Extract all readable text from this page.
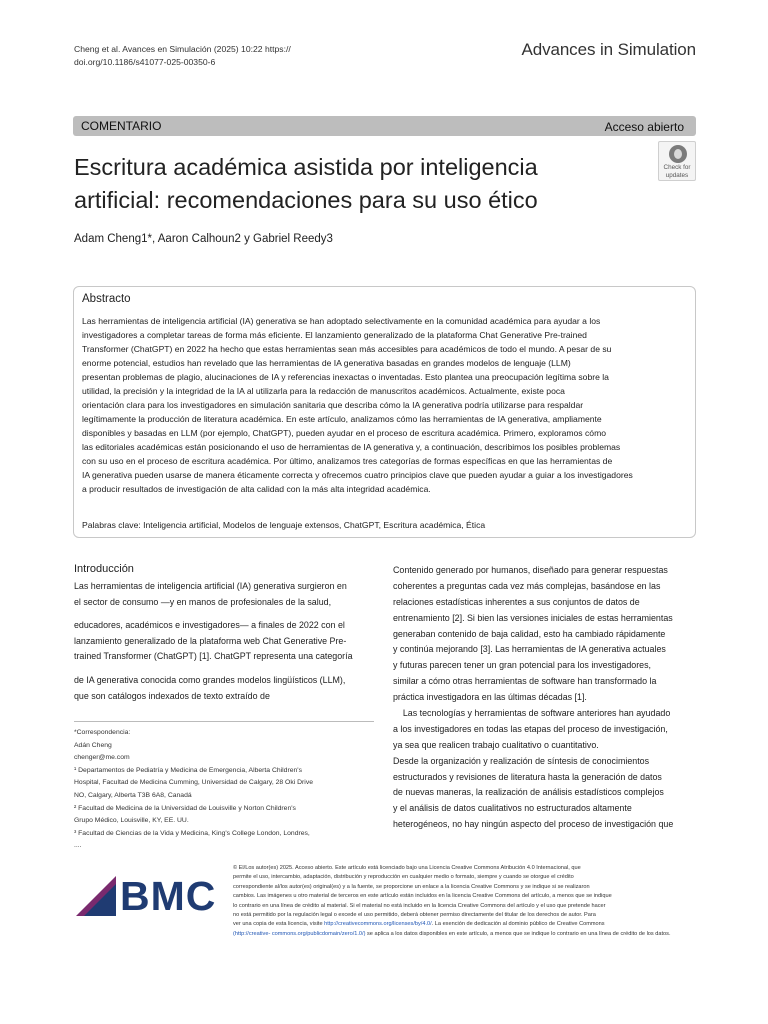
Cheng et al. Avances en Simulación (2025) 10:22 https://
doi.org/10.1186/s41077-025-00350-6
Advances in Simulation
COMENTARIO	Acceso abierto
Escritura académica asistida por inteligencia
artificial: recomendaciones para su uso ético
Check for
updates
Adam Cheng1*, Aaron Calhoun2 y Gabriel Reedy3
Abstracto
Las herramientas de inteligencia artificial (IA) generativa se han adoptado selectivamente en la comunidad académica para ayudar a los
investigadores a completar tareas de forma más eficiente. El lanzamiento generalizado de la plataforma Chat Generative Pre-trained
Transformer (ChatGPT) en 2022 ha hecho que estas herramientas sean más accesibles para académicos de todo el mundo. A pesar de su
enorme potencial, estudios han revelado que las herramientas de IA generativa basadas en grandes modelos de lenguaje (LLM)
presentan problemas de plagio, alucinaciones de IA y referencias inexactas o inventadas. Esto plantea una preocupación legítima sobre la
utilidad, la precisión y la integridad de la IA al utilizarla para la redacción de manuscritos académicos. Actualmente, existe poca
orientación clara para los investigadores en simulación sanitaria que describa cómo la IA generativa podría utilizarse para respaldar
legítimamente la producción de literatura académica. En este artículo, analizamos cómo las herramientas de IA generativa, ampliamente
disponibles y basadas en LLM (por ejemplo, ChatGPT), pueden ayudar en el proceso de escritura académica. Primero, exploramos cómo
las editoriales académicas están posicionando el uso de herramientas de IA generativa y, a continuación, describimos los posibles problemas
con su uso en el proceso de escritura académica. Por último, analizamos tres categorías de formas específicas en que las herramientas de
IA generativa pueden usarse de manera éticamente correcta y ofrecemos cuatro principios clave que pueden ayudar a guiar a los investigadores
a producir resultados de investigación de alta calidad con la más alta integridad académica.
Palabras clave: Inteligencia artificial, Modelos de lenguaje extensos, ChatGPT, Escritura académica, Ética
Introducción
Las herramientas de inteligencia artificial (IA) generativa surgieron en
el sector de consumo —y en manos de profesionales de la salud,
educadores, académicos e investigadores— a finales de 2022 con el
lanzamiento generalizado de la plataforma web Chat Generative Pre-
trained Transformer (ChatGPT) [1]. ChatGPT representa una categoría
de IA generativa conocida como grandes modelos lingüísticos (LLM),
que son catálogos indexados de texto extraído de
*Correspondencia:
Adán Cheng
chenger@me.com
¹ Departamentos de Pediatría y Medicina de Emergencia, Alberta Children's
Hospital, Facultad de Medicina Cumming, Universidad de Calgary, 28 Oki Drive
NO, Calgary, Alberta T3B 6A8, Canadá
² Facultad de Medicina de la Universidad de Louisville y Norton Children's
Grupo Médico, Louisville, KY, EE. UU.
³ Facultad de Ciencias de la Vida y Medicina, King's College London, Londres,
....
Contenido generado por humanos, diseñado para generar respuestas
coherentes a preguntas cada vez más complejas, basándose en las
relaciones estadísticas inherentes a sus conjuntos de datos de
entrenamiento [2]. Si bien las versiones iniciales de estas herramientas
generaban contenido de baja calidad, esto ha cambiado rápidamente
y continúa mejorando [3]. Las herramientas de IA generativa actuales
y futuras parecen tener un gran potencial para los investigadores,
similar a cómo otras herramientas de software han transformado la
práctica investigadora en las últimas décadas [1].
Las tecnologías y herramientas de software anteriores han ayudado
a los investigadores en todas las etapas del proceso de investigación,
ya sea que realicen trabajo cualitativo o cuantitativo.
Desde la organización y realización de síntesis de conocimientos
estructurados y revisiones de literatura hasta la generación de datos
de nuevas maneras, la realización de análisis estadísticos complejos
y el análisis de datos cualitativos no estructurados altamente
heterogéneos, no hay ningún aspecto del proceso de investigación que
BMC
© El/Los autor(es) 2025. Acceso abierto. Este artículo está licenciado bajo una Licencia Creative Commons Atribución 4.0 Internacional, que
permite el uso, intercambio, adaptación, distribución y reproducción en cualquier medio o formato, siempre y cuando se otorgue el crédito
correspondiente al/los autor(es) original(es) y a la fuente, se proporcione un enlace a la licencia Creative Commons y se indique si se realizaron
cambios. Las imágenes u otro material de terceros en este artículo están incluidos en la licencia Creative Commons del artículo, a menos que se indique
lo contrario en una línea de crédito al material. Si el material no está incluido en la licencia Creative Commons del artículo y el uso que pretende hacer
no está permitido por la regulación legal o excede el uso permitido, deberá obtener permiso directamente del titular de los derechos de autor. Para
ver una copia de esta licencia, visite http://creativecommons.org/licenses/by/4.0/. La exención de dedicación al dominio público de Creative Commons
(http://creative- commons.org/publicdomain/zero/1.0/) se aplica a los datos disponibles en este artículo, a menos que se indique lo contrario en una línea de crédito de los datos.
